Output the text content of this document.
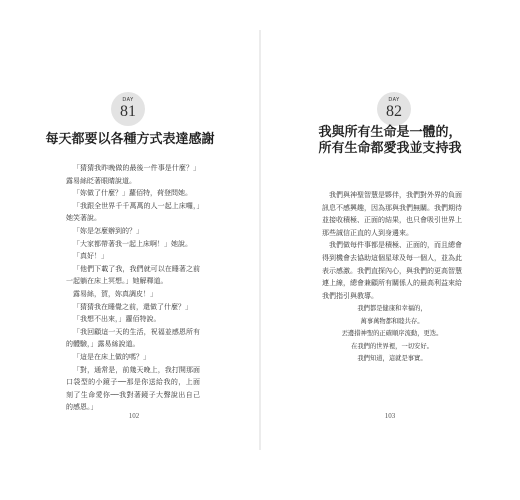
DAY
81
每天都要以各種方式表達感謝

「猜猜我昨晚做的最後一件事是什麼？」露易絲眨著眼睛說道。

「妳做了什麼？」蘿佰特，荷登問她。

「我跟全世界千千萬萬的人一起上床囉，」她笑著說。

「妳是怎麼辦到的？」

「大家都帶著我一起上床啊！」她說。

「真好！」

「他們下載了我，我們就可以在睡著之前一起躺在床上冥想。」她解釋道。

露易絲，賀，妳真調皮！」

「猜猜我在睡覺之前，還做了什麼？」

「我想不出來，」蘿佰特說。

「我回顧這一天的生活，祝福並感恩所有的體驗，」露易絲說道。

「這是在床上做的嗎？」

「對，通常是，前幾天晚上，我打開那面口袋型的小鏡子──那是你送給我的，上面刻了生命愛你──我對著鏡子大聲說出自己的感恩。」

102
DAY
82
我與所有生命是一體的，
所有生命都愛我並支持我

我們與神聖智慧是夥伴，我們對外界的負面訊息不感興趣，因為那與我們無關。我們期待並接收積極、正面的結果，也只會吸引世界上那些誠信正直的人到身邊來。

我們做每件事都是積極、正面的，而且總會得到機會去協助這個星球及每一個人，並為此表示感激。我們直探內心，與我們的更高智慧連上線，總會兼顧所有關係人的最高利益來給我們指引與教導。

我們都是健康和幸福的，
萬事萬物都和睦共存。
丟邊措神聖的正確順序流動，更迭。
在我們的世界裡，一切安好。
我們知道，這就是事實。
103
